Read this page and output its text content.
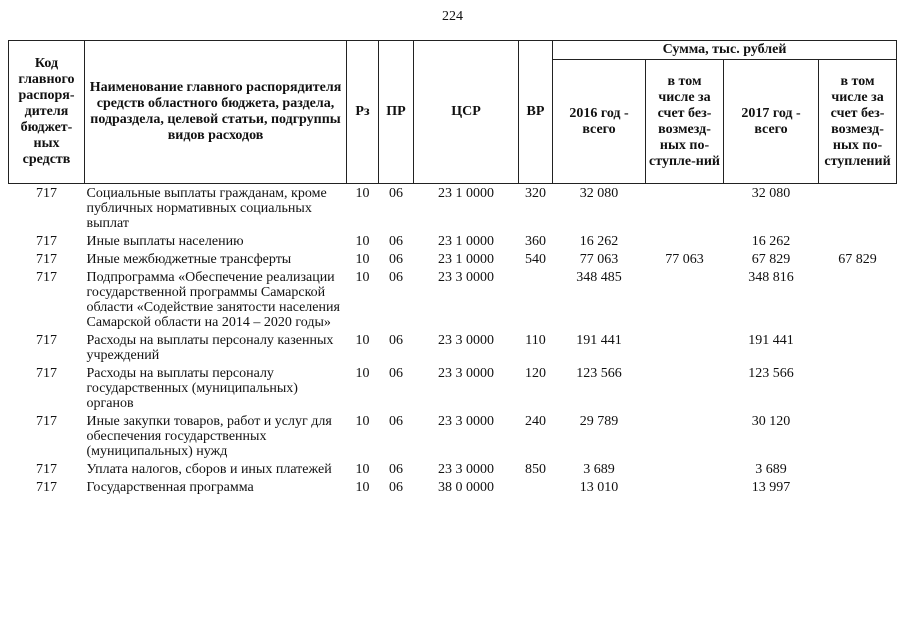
224
Код главного распоря-дителя бюджет-ных средств	Наименование главного распорядителя средств областного бюджета, раздела, подраздела, целевой статьи, подгруппы видов расходов	Рз	ПР	ЦСР	ВР	Сумма, тыс. рублей			
						2016 год - всего	в том числе за счет без-возмезд-ных по-ступле-ний	2017 год - всего	в том числе за счет без-возмезд-ных по-ступлений
717	Социальные выплаты гражданам, кроме публичных нормативных социальных выплат	10	06	23 1 0000	320	32 080		32 080	
717	Иные выплаты населению	10	06	23 1 0000	360	16 262		16 262	
717	Иные межбюджетные трансферты	10	06	23 1 0000	540	77 063	77 063	67 829	67 829
717	Подпрограмма «Обеспечение реализации государственной программы Самарской области «Содействие занятости населения Самарской области на 2014 – 2020 годы»	10	06	23 3 0000		348 485		348 816	
717	Расходы на выплаты персоналу казенных учреждений	10	06	23 3 0000	110	191 441		191 441	
717	Расходы на выплаты персоналу государственных (муниципальных) органов	10	06	23 3 0000	120	123 566		123 566	
717	Иные закупки товаров, работ и услуг для обеспечения государственных (муниципальных) нужд	10	06	23 3 0000	240	29 789		30 120	
717	Уплата налогов, сборов и иных платежей	10	06	23 3 0000	850	3 689		3 689	
717	Государственная программа	10	06	38 0 0000		13 010		13 997	
